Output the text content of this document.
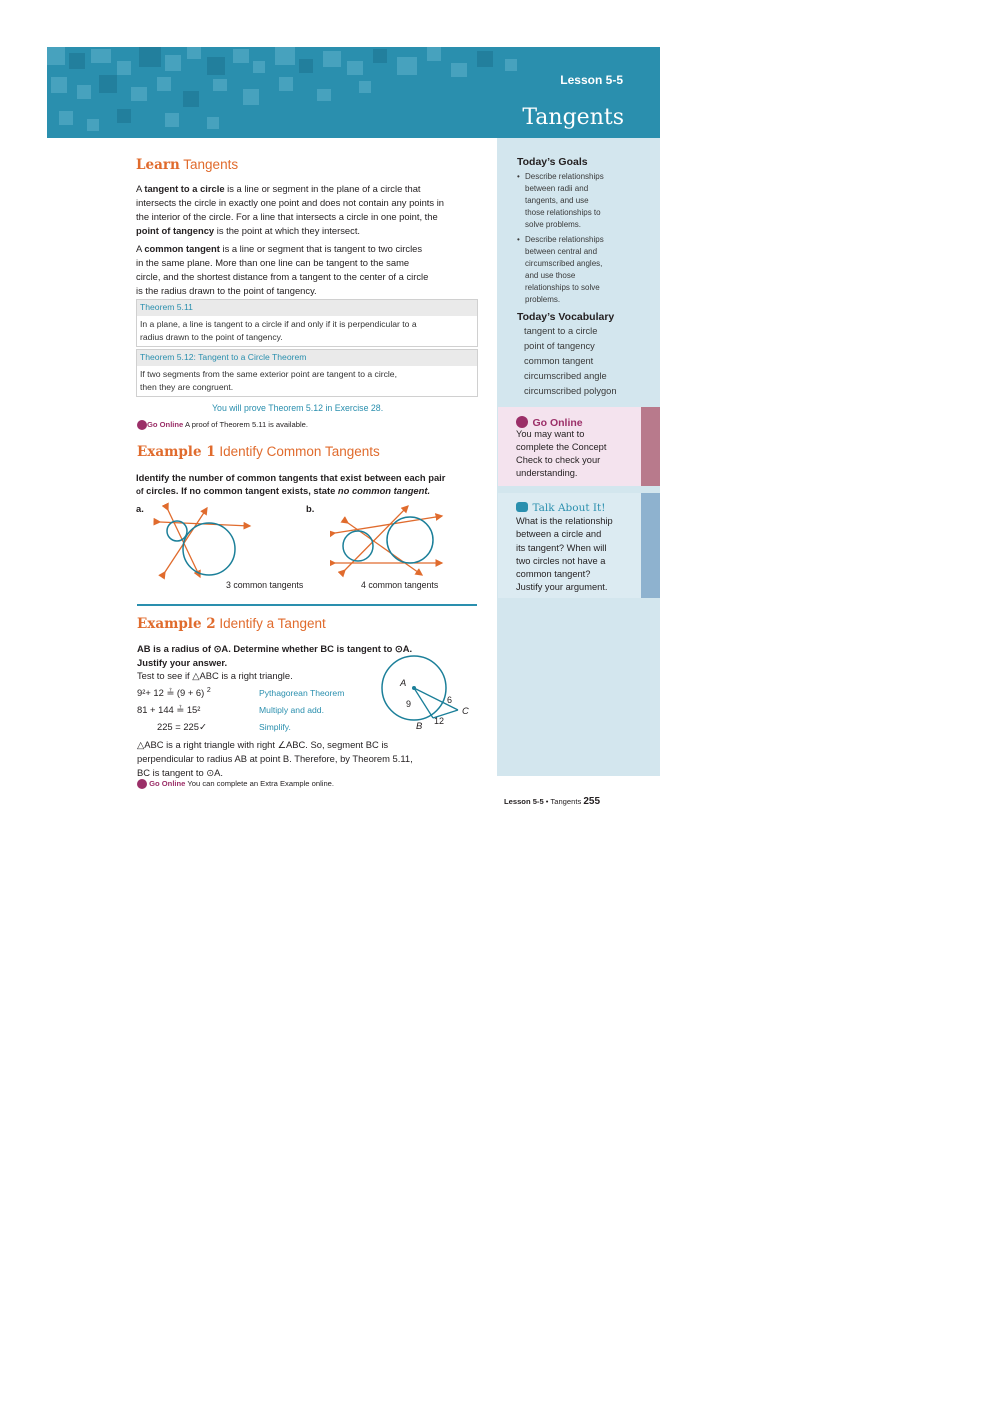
Lesson 5-5
Tangents
Today’s Goals
• Describe relationships
between radii and
tangents, and use
those relationships to
solve problems.
• Describe relationships
between central and
circumscribed angles,
and use those
relationships to solve
problems.
Today’s Vocabulary
tangent to a circle
point of tangency
common tangent
circumscribed angle
circumscribed polygon
Go Online
You may want to
complete the Concept
Check to check your
understanding.
Talk About It!
What is the relationship
between a circle and
its tangent? When will
two circles not have a
common tangent?
Justify your argument.
Learn Tangents
A tangent to a circle is a line or segment in the plane of a circle that
intersects the circle in exactly one point and does not contain any points in
the interior of the circle. For a line that intersects a circle in one point, the
point of tangency is the point at which they intersect.
A common tangent is a line or segment that is tangent to two circles
in the same plane. More than one line can be tangent to the same
circle, and the shortest distance from a tangent to the center of a circle
is the radius drawn to the point of tangency.
Theorem 5.11
In a plane, a line is tangent to a circle if and only if it is perpendicular to a
radius drawn to the point of tangency.
Theorem 5.12: Tangent to a Circle Theorem
If two segments from the same exterior point are tangent to a circle,
then they are congruent.
You will prove Theorem 5.12 in Exercise 28.
Go Online A proof of Theorem 5.11 is available.
Example 1 Identify Common Tangents
Identify the number of common tangents that exist between each pair
of circles. If no common tangent exists, state no common tangent.
a.	b.
3 common tangents	4 common tangents
Example 2 Identify a Tangent
AB is a radius of ⊙A. Determine whether BC is tangent to ⊙A.
Justify your answer.
Test to see if △ABC is a right triangle.
9²+ 12 ≟ (9 + 6) $^2$	Pythagorean Theorem
81 + 144 ≟ 15²	Multiply and add.
225 = 225✓	Simplify.
△ABC is a right triangle with right ∠ABC. So, segment BC is
perpendicular to radius AB at point B. Therefore, by Theorem 5.11,
BC is tangent to ⊙A.
A
B
C
9	6
12
Go Online You can complete an Extra Example online.
Lesson 5-5 • Tangents 255
